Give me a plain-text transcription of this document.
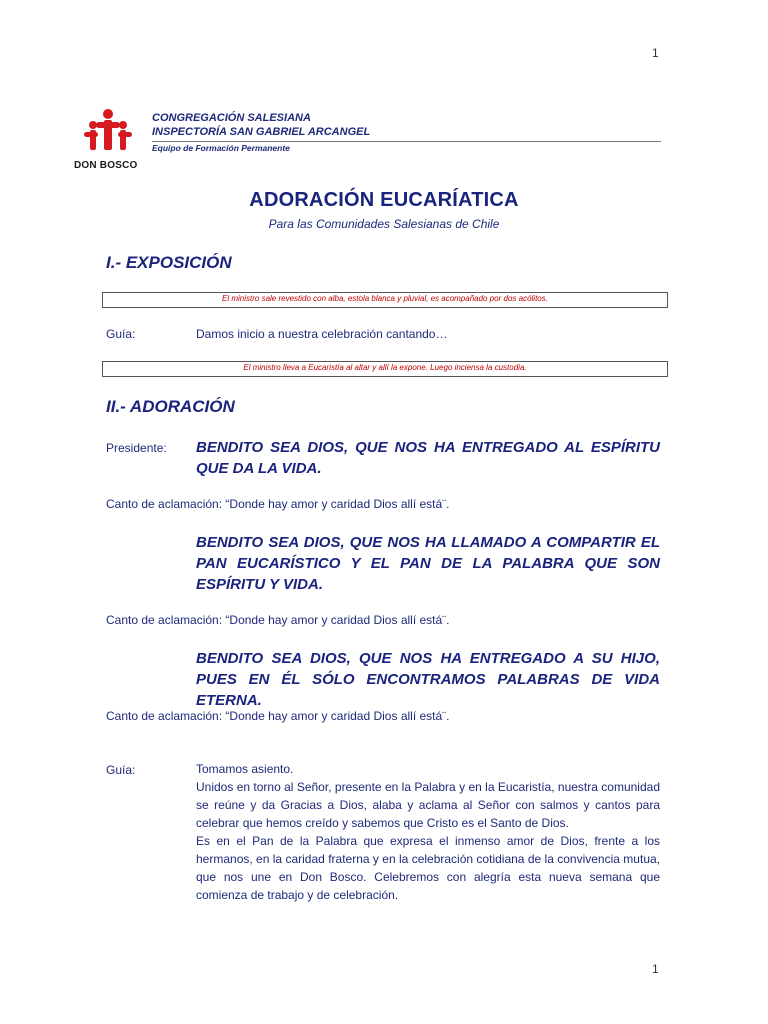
1
DON BOSCO
CONGREGACIÓN SALESIANA
INSPECTORÍA SAN GABRIEL ARCANGEL
Equipo de Formación Permanente
ADORACIÓN EUCARÍATICA
Para las Comunidades Salesianas de Chile
I.- EXPOSICIÓN
El ministro sale revestido con alba, estola blanca y pluvial, es acompañado por dos acólitos.
Guía:	Damos inicio a nuestra celebración cantando…
El ministro lleva a Eucaristía al altar y allí la expone. Luego inciensa la custodia.
II.- ADORACIÓN
Presidente: BENDITO SEA DIOS, QUE NOS HA ENTREGADO AL ESPÍRITU QUE DA LA VIDA.
Canto de aclamación: “Donde hay amor y caridad Dios allí está¨.
BENDITO SEA DIOS, QUE NOS HA LLAMADO A COMPARTIR EL PAN EUCARÍSTICO Y EL PAN DE LA PALABRA QUE SON ESPÍRITU Y VIDA.
Canto de aclamación: “Donde hay amor y caridad Dios allí está¨.
BENDITO SEA DIOS, QUE NOS HA ENTREGADO A SU HIJO, PUES EN ÉL SÓLO ENCONTRAMOS PALABRAS DE VIDA ETERNA.
Canto de aclamación: “Donde hay amor y caridad Dios allí está¨.
Guía:	Tomamos asiento.
Unidos en torno al Señor, presente en la Palabra y en la Eucaristía, nuestra comunidad se reúne y da Gracias a Dios, alaba y aclama al Señor con salmos y cantos para celebrar que hemos creído y sabemos que Cristo es el Santo de Dios.
Es en el Pan de la Palabra que expresa el inmenso amor de Dios, frente a los hermanos, en la caridad fraterna y en la celebración cotidiana de la convivencia mutua, que nos une en Don Bosco. Celebremos con alegría esta nueva semana que comienza de trabajo y de celebración.
1
